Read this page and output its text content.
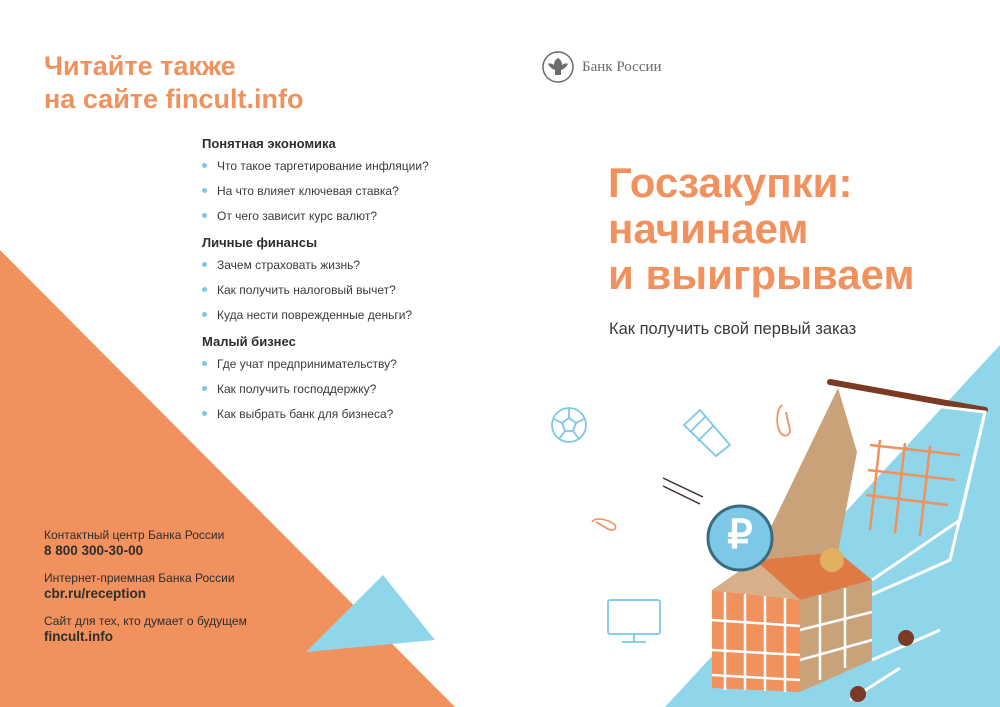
₽
Читайте также
на сайте fincult.info
Понятная экономика
Что такое таргетирование инфляции?
На что влияет ключевая ставка?
От чего зависит курс валют?
Личные финансы
Зачем страховать жизнь?
Как получить налоговый вычет?
Куда нести поврежденные деньги?
Малый бизнес
Где учат предпринимательству?
Как получить господдержку?
Как выбрать банк для бизнеса?
Контактный центр Банка России
8 800 300-30-00
Интернет-приемная Банка России
cbr.ru/reception
Сайт для тех, кто думает о будущем
fincult.info
Банк России
Госзакупки:
начинаем
и выигрываем
Как получить свой первый заказ
